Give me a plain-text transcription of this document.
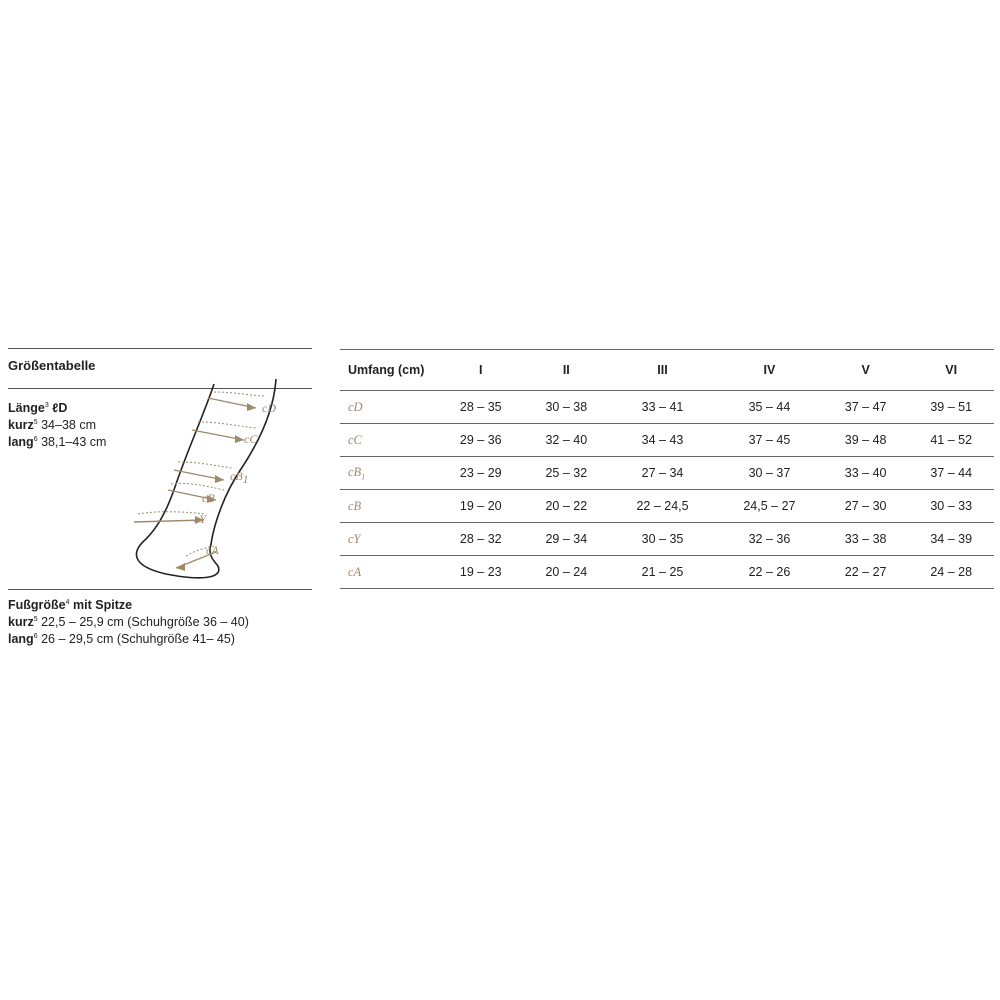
Größentabelle
Länge$^3$ ℓD
kurz$^5$ 34–38 cm
lang$^6$ 38,1–43 cm
cD
cC
cB1
cB
cY
cA
Fußgröße$^4$ mit Spitze
kurz$^5$ 22,5 – 25,9 cm (Schuhgröße 36 – 40)
lang$^6$ 26 – 29,5 cm (Schuhgröße 41– 45)
Umfang (cm)	I	II	III	IV	V	VI
cD	28 – 35	30 – 38	33 – 41	35 – 44	37 – 47	39 – 51
cC	29 – 36	32 – 40	34 – 43	37 – 45	39 – 48	41 – 52
$cB_1$	23 – 29	25 – 32	27 – 34	30 – 37	33 – 40	37 – 44
cB	19 – 20	20 – 22	22 – 24,5	24,5 – 27	27 – 30	30 – 33
cY	28 – 32	29 – 34	30 – 35	32 – 36	33 – 38	34 – 39
cA	19 – 23	20 – 24	21 – 25	22 – 26	22 – 27	24 – 28
